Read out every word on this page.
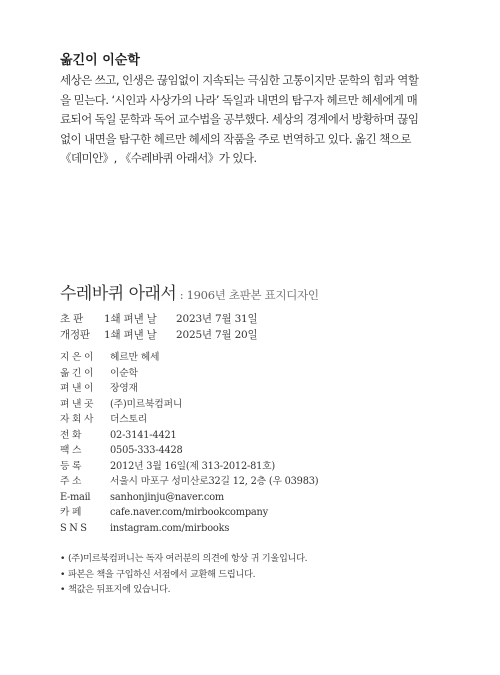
옮긴이 이순학
세상은 쓰고, 인생은 끊임없이 지속되는 극심한 고통이지만 문학의 힘과 역할
을 믿는다. ‘시인과 사상가의 나라’ 독일과 내면의 탐구자 헤르만 헤세에게 매
료되어 독일 문학과 독어 교수법을 공부했다. 세상의 경계에서 방황하며 끊임
없이 내면을 탐구한 헤르만 헤세의 작품을 주로 번역하고 있다. 옮긴 책으로
《데미안》, 《수레바퀴 아래서》가 있다.
수레바퀴 아래서 : 1906년 초판본 표지디자인
초 판 1쇄 펴낸 날 2023년 7월 31일
개정판 1쇄 펴낸 날 2025년 7월 20일
지 은 이	헤르만 헤세
옮 긴 이	이순학
펴 낸 이	장영재
펴 낸 곳	(주)미르북컴퍼니
자 회 사	더스토리
전 화	02-3141-4421
팩 스	0505-333-4428
등 록	2012년 3월 16일(제 313-2012-81호)
주 소	서울시 마포구 성미산로32길 12, 2층 (우 03983)
E-mail	sanhonjinju@naver.com
카 페	cafe.naver.com/mirbookcompany
S N S	instagram.com/mirbooks
• (주)미르북컴퍼니는 독자 여러분의 의견에 항상 귀 기울입니다.
• 파본은 책을 구입하신 서점에서 교환해 드립니다.
• 책값은 뒤표지에 있습니다.
